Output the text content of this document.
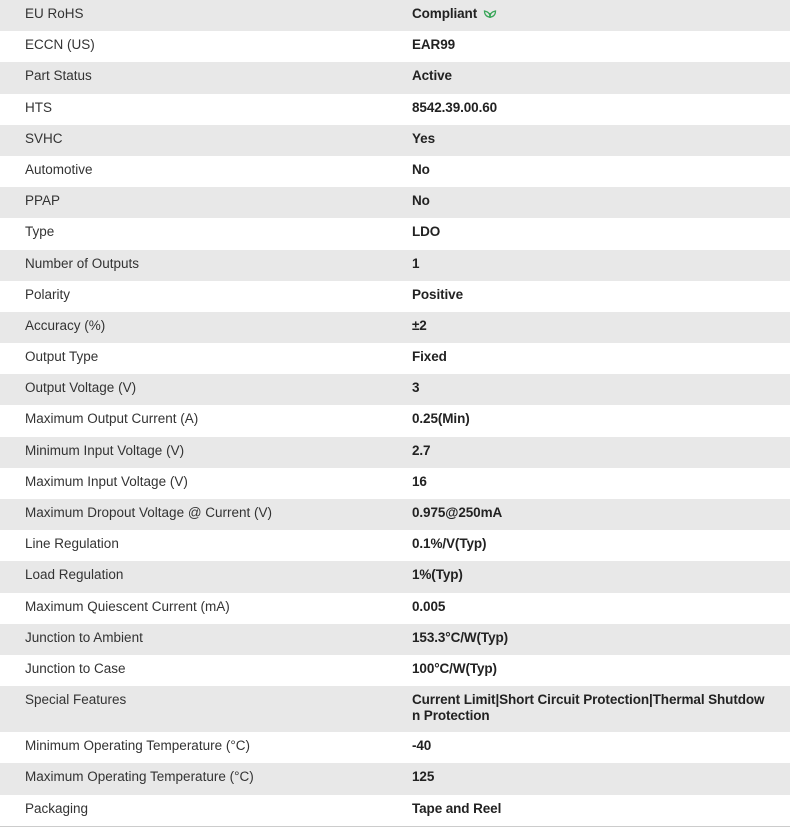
EU RoHS	Compliant
ECCN (US)	EAR99
Part Status	Active
HTS	8542.39.00.60
SVHC	Yes
Automotive	No
PPAP	No
Type	LDO
Number of Outputs	1
Polarity	Positive
Accuracy (%)	±2
Output Type	Fixed
Output Voltage (V)	3
Maximum Output Current (A)	0.25(Min)
Minimum Input Voltage (V)	2.7
Maximum Input Voltage (V)	16
Maximum Dropout Voltage @ Current (V)	0.975@250mA
Line Regulation	0.1%/V(Typ)
Load Regulation	1%(Typ)
Maximum Quiescent Current (mA)	0.005
Junction to Ambient	153.3°C/W(Typ)
Junction to Case	100°C/W(Typ)
Special Features	Current Limit|Short Circuit Protection|Thermal Shutdown Protection
Minimum Operating Temperature (°C)	-40
Maximum Operating Temperature (°C)	125
Packaging	Tape and Reel
